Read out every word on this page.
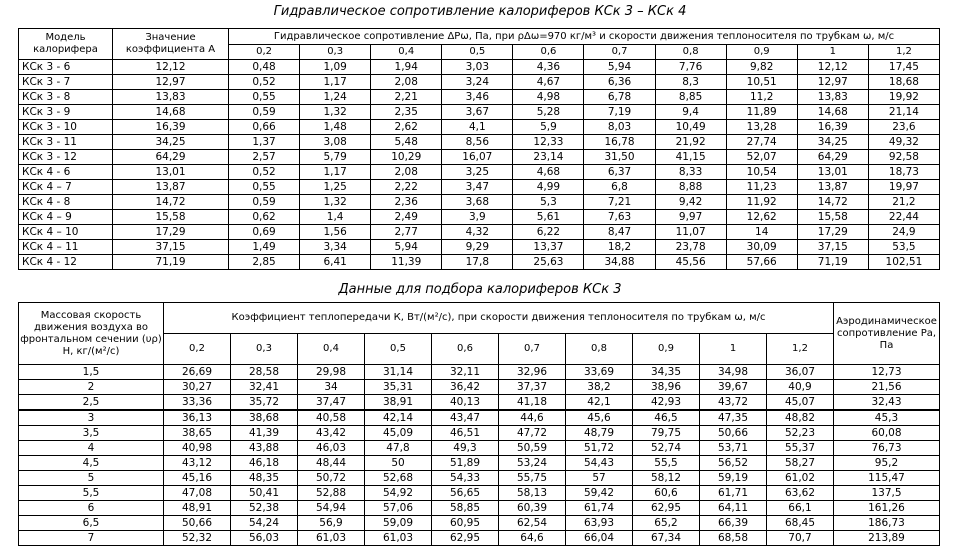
Гидравлическое сопротивление калориферов КСк 3 – КСк 4
Модель калорифера	Значение коэффициента А	Гидравлическое сопротивление ΔPω, Па, при ρΔω=970 кг/м³ и скорости движения теплоносителя по трубкам ω, м/с									
		0,2	0,3	0,4	0,5	0,6	0,7	0,8	0,9	1	1,2
КСк 3 - 6	12,12	0,48	1,09	1,94	3,03	4,36	5,94	7,76	9,82	12,12	17,45
КСк 3 - 7	12,97	0,52	1,17	2,08	3,24	4,67	6,36	8,3	10,51	12,97	18,68
КСк 3 - 8	13,83	0,55	1,24	2,21	3,46	4,98	6,78	8,85	11,2	13,83	19,92
КСк 3 - 9	14,68	0,59	1,32	2,35	3,67	5,28	7,19	9,4	11,89	14,68	21,14
КСк 3 - 10	16,39	0,66	1,48	2,62	4,1	5,9	8,03	10,49	13,28	16,39	23,6
КСк 3 - 11	34,25	1,37	3,08	5,48	8,56	12,33	16,78	21,92	27,74	34,25	49,32
КСк 3 - 12	64,29	2,57	5,79	10,29	16,07	23,14	31,50	41,15	52,07	64,29	92,58
КСк 4 - 6	13,01	0,52	1,17	2,08	3,25	4,68	6,37	8,33	10,54	13,01	18,73
КСк 4 – 7	13,87	0,55	1,25	2,22	3,47	4,99	6,8	8,88	11,23	13,87	19,97
КСк 4 - 8	14,72	0,59	1,32	2,36	3,68	5,3	7,21	9,42	11,92	14,72	21,2
КСк 4 – 9	15,58	0,62	1,4	2,49	3,9	5,61	7,63	9,97	12,62	15,58	22,44
КСк 4 – 10	17,29	0,69	1,56	2,77	4,32	6,22	8,47	11,07	14	17,29	24,9
КСк 4 – 11	37,15	1,49	3,34	5,94	9,29	13,37	18,2	23,78	30,09	37,15	53,5
КСк 4 - 12	71,19	2,85	6,41	11,39	17,8	25,63	34,88	45,56	57,66	71,19	102,51
Данные для подбора калориферов КСк 3
Массовая скорость движения воздуха во фронтальном сечении (υρ) Н, кг/(м²/с)	Коэффициент теплопередачи К, Вт/(м²/с), при скорости движения теплоносителя по трубкам ω, м/с										Аэродинамическое сопротивление Ра, Па
	0,2	0,3	0,4	0,5	0,6	0,7	0,8	0,9	1	1,2	
1,5	26,69	28,58	29,98	31,14	32,11	32,96	33,69	34,35	34,98	36,07	12,73
2	30,27	32,41	34	35,31	36,42	37,37	38,2	38,96	39,67	40,9	21,56
2,5	33,36	35,72	37,47	38,91	40,13	41,18	42,1	42,93	43,72	45,07	32,43
3	36,13	38,68	40,58	42,14	43,47	44,6	45,6	46,5	47,35	48,82	45,3
3,5	38,65	41,39	43,42	45,09	46,51	47,72	48,79	79,75	50,66	52,23	60,08
4	40,98	43,88	46,03	47,8	49,3	50,59	51,72	52,74	53,71	55,37	76,73
4,5	43,12	46,18	48,44	50	51,89	53,24	54,43	55,5	56,52	58,27	95,2
5	45,16	48,35	50,72	52,68	54,33	55,75	57	58,12	59,19	61,02	115,47
5,5	47,08	50,41	52,88	54,92	56,65	58,13	59,42	60,6	61,71	63,62	137,5
6	48,91	52,38	54,94	57,06	58,85	60,39	61,74	62,95	64,11	66,1	161,26
6,5	50,66	54,24	56,9	59,09	60,95	62,54	63,93	65,2	66,39	68,45	186,73
7	52,32	56,03	61,03	61,03	62,95	64,6	66,04	67,34	68,58	70,7	213,89
